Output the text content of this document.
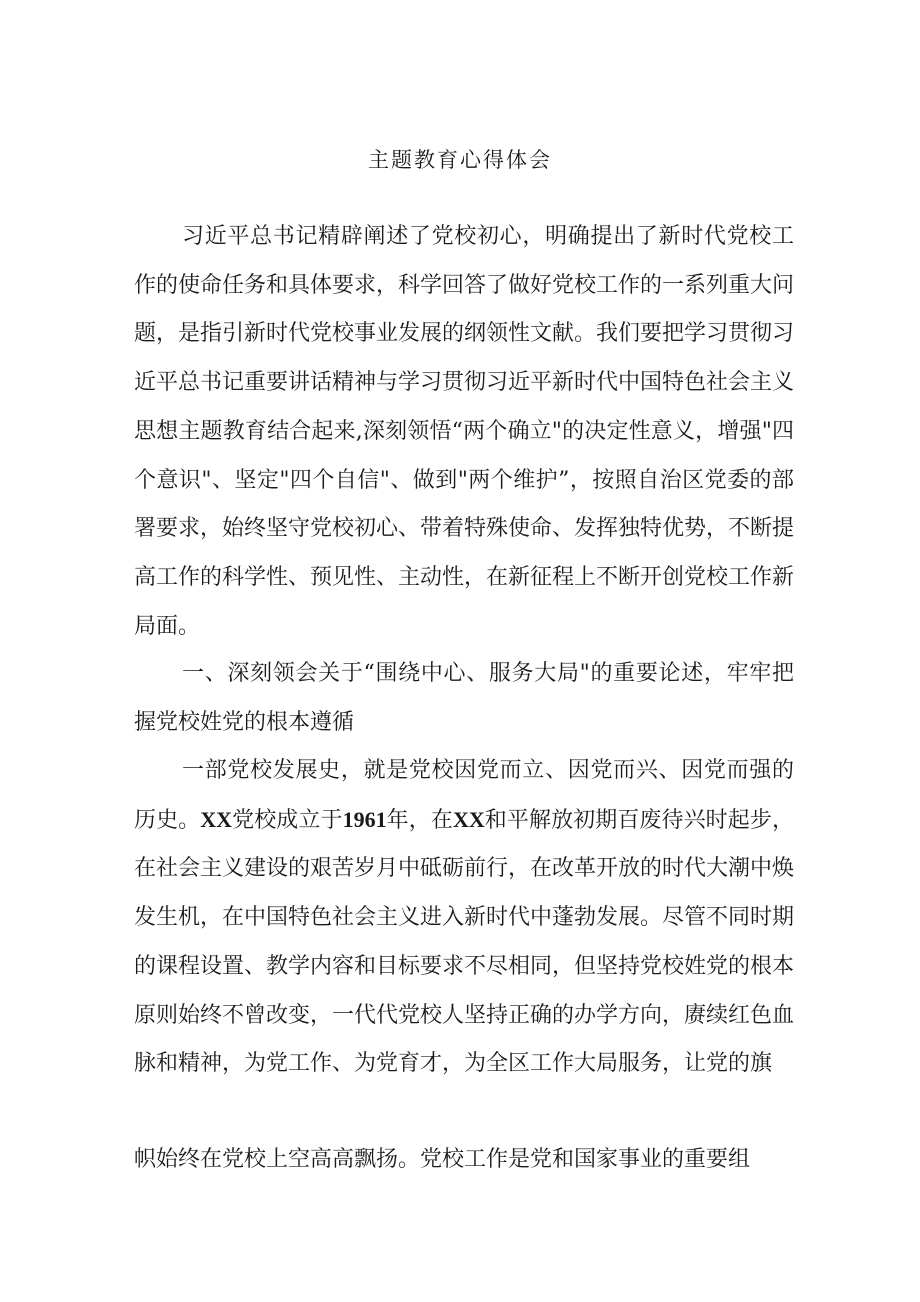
主题教育心得体会

习近平总书记精辟阐述了党校初心，明确提出了新时代党校工作的使命任务和具体要求，科学回答了做好党校工作的一系列重大问题，是指引新时代党校事业发展的纲领性文献。我们要把学习贯彻习近平总书记重要讲话精神与学习贯彻习近平新时代中国特色社会主义思想主题教育结合起来,深刻领悟“两个确立"的决定性意义，增强"四个意识"、坚定"四个自信"、做到"两个维护”，按照自治区党委的部署要求，始终坚守党校初心、带着特殊使命、发挥独特优势，不断提高工作的科学性、预见性、主动性，在新征程上不断开创党校工作新局面。

一、深刻领会关于“围绕中心、服务大局"的重要论述，牢牢把握党校姓党的根本遵循

一部党校发展史，就是党校因党而立、因党而兴、因党而强的历史。XX党校成立于1961年，在XX和平解放初期百废待兴时起步，在社会主义建设的艰苦岁月中砥砺前行，在改革开放的时代大潮中焕发生机，在中国特色社会主义进入新时代中蓬勃发展。尽管不同时期的课程设置、教学内容和目标要求不尽相同，但坚持党校姓党的根本原则始终不曾改变，一代代党校人坚持正确的办学方向，赓续红色血脉和精神，为党工作、为党育才，为全区工作大局服务，让党的旗

帜始终在党校上空高高飘扬。党校工作是党和国家事业的重要组
